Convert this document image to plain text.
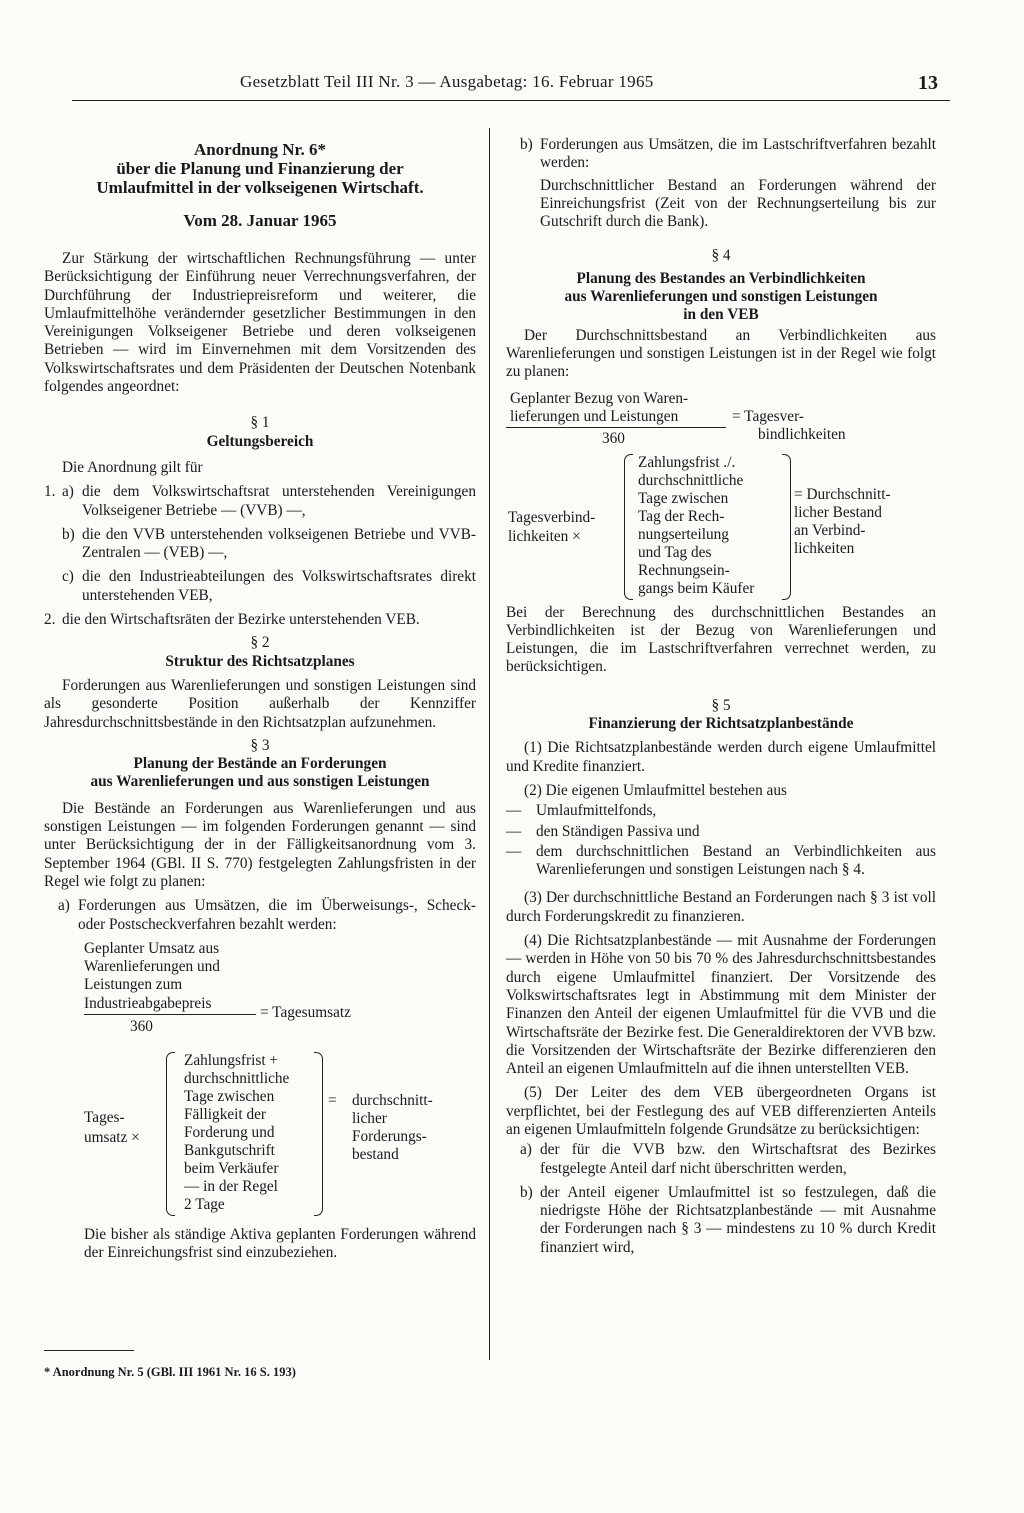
Gesetzblatt Teil III Nr. 3 — Ausgabetag: 16. Februar 1965	13
Anordnung Nr. 6*
über die Planung und Finanzierung der
Umlaufmittel in der volkseigenen Wirtschaft.
Vom 28. Januar 1965

Zur Stärkung der wirtschaftlichen Rechnungsführung — unter Berücksichtigung der Einführung neuer Verrechnungsverfahren, der Durchführung der Industriepreisreform und weiterer, die Umlaufmittelhöhe verändernder gesetzlicher Bestimmungen in den Vereinigungen Volkseigener Betriebe und deren volkseigenen Betrieben — wird im Einvernehmen mit dem Vorsitzenden des Volkswirtschaftsrates und dem Präsidenten der Deutschen Notenbank folgendes angeordnet:

§ 1
Geltungsbereich

Die Anordnung gilt für

1. a) die dem Volkswirtschaftsrat unterstehenden Vereinigungen Volkseigener Betriebe — (VVB) —,
b) die den VVB unterstehenden volkseigenen Betriebe und VVB-Zentralen — (VEB) —,
c) die den Industrieabteilungen des Volkswirtschaftsrates direkt unterstehenden VEB,
2. die den Wirtschaftsräten der Bezirke unterstehenden VEB.
§ 2
Struktur des Richtsatzplanes

Forderungen aus Warenlieferungen und sonstigen Leistungen sind als gesonderte Position außerhalb der Kennziffer Jahresdurchschnittsbestände in den Richtsatzplan aufzunehmen.

§ 3
Planung der Bestände an Forderungen
aus Warenlieferungen und aus sonstigen Leistungen

Die Bestände an Forderungen aus Warenlieferungen und aus sonstigen Leistungen — im folgenden Forderungen genannt — sind unter Berücksichtigung der in der Fälligkeitsanordnung vom 3. September 1964 (GBl. II S. 770) festgelegten Zahlungsfristen in der Regel wie folgt zu planen:

a) Forderungen aus Umsätzen, die im Überweisungs-, Scheck- oder Postscheckverfahren bezahlt werden:
Geplanter Umsatz aus
Warenlieferungen und
Leistungen zum
Industrieabgabepreis
360
= Tagesumsatz
Tages-
umsatz ×
Zahlungsfrist +
durchschnittliche
Tage zwischen
Fälligkeit der
Forderung und
Bankgutschrift
beim Verkäufer
— in der Regel
2 Tage
= durchschnitt-
licher
Forderungs-
bestand

Die bisher als ständige Aktiva geplanten Forderungen während der Einreichungsfrist sind einzubeziehen.

* Anordnung Nr. 5 (GBl. III 1961 Nr. 16 S. 193)
b) Forderungen aus Umsätzen, die im Lastschriftverfahren bezahlt werden:

Durchschnittlicher Bestand an Forderungen während der Einreichungsfrist (Zeit von der Rechnungserteilung bis zur Gutschrift durch die Bank).

§ 4
Planung des Bestandes an Verbindlichkeiten
aus Warenlieferungen und sonstigen Leistungen
in den VEB

Der Durchschnittsbestand an Verbindlichkeiten aus Warenlieferungen und sonstigen Leistungen ist in der Regel wie folgt zu planen:

Geplanter Bezug von Waren-
lieferungen und Leistungen
360
= Tagesver-
bindlichkeiten
Tagesverbind-
lichkeiten ×
Zahlungsfrist ./.
durchschnittliche
Tage zwischen
Tag der Rech-
nungserteilung
und Tag des
Rechnungsein-
gangs beim Käufer
= Durchschnitt-
licher Bestand
an Verbind-
lichkeiten

Bei der Berechnung des durchschnittlichen Bestandes an Verbindlichkeiten ist der Bezug von Warenlieferungen und Leistungen, die im Lastschriftverfahren verrechnet werden, zu berücksichtigen.

§ 5
Finanzierung der Richtsatzplanbestände

(1) Die Richtsatzplanbestände werden durch eigene Umlaufmittel und Kredite finanziert.

(2) Die eigenen Umlaufmittel bestehen aus

— Umlaufmittelfonds,
— den Ständigen Passiva und
— dem durchschnittlichen Bestand an Verbindlichkeiten aus Warenlieferungen und sonstigen Leistungen nach § 4.

(3) Der durchschnittliche Bestand an Forderungen nach § 3 ist voll durch Forderungskredit zu finanzieren.

(4) Die Richtsatzplanbestände — mit Ausnahme der Forderungen — werden in Höhe von 50 bis 70 % des Jahresdurchschnittsbestandes durch eigene Umlaufmittel finanziert. Der Vorsitzende des Volkswirtschaftsrates legt in Abstimmung mit dem Minister der Finanzen den Anteil der eigenen Umlaufmittel für die VVB und die Wirtschaftsräte der Bezirke fest. Die Generaldirektoren der VVB bzw. die Vorsitzenden der Wirtschaftsräte der Bezirke differenzieren den Anteil an eigenen Umlaufmitteln auf die ihnen unterstellten VEB.

(5) Der Leiter des dem VEB übergeordneten Organs ist verpflichtet, bei der Festlegung des auf VEB differenzierten Anteils an eigenen Umlaufmitteln folgende Grundsätze zu berücksichtigen:

a) der für die VVB bzw. den Wirtschaftsrat des Bezirkes festgelegte Anteil darf nicht überschritten werden,
b) der Anteil eigener Umlaufmittel ist so festzulegen, daß die niedrigste Höhe der Richtsatzplanbestände — mit Ausnahme der Forderungen nach § 3 — mindestens zu 10 % durch Kredit finanziert wird,
